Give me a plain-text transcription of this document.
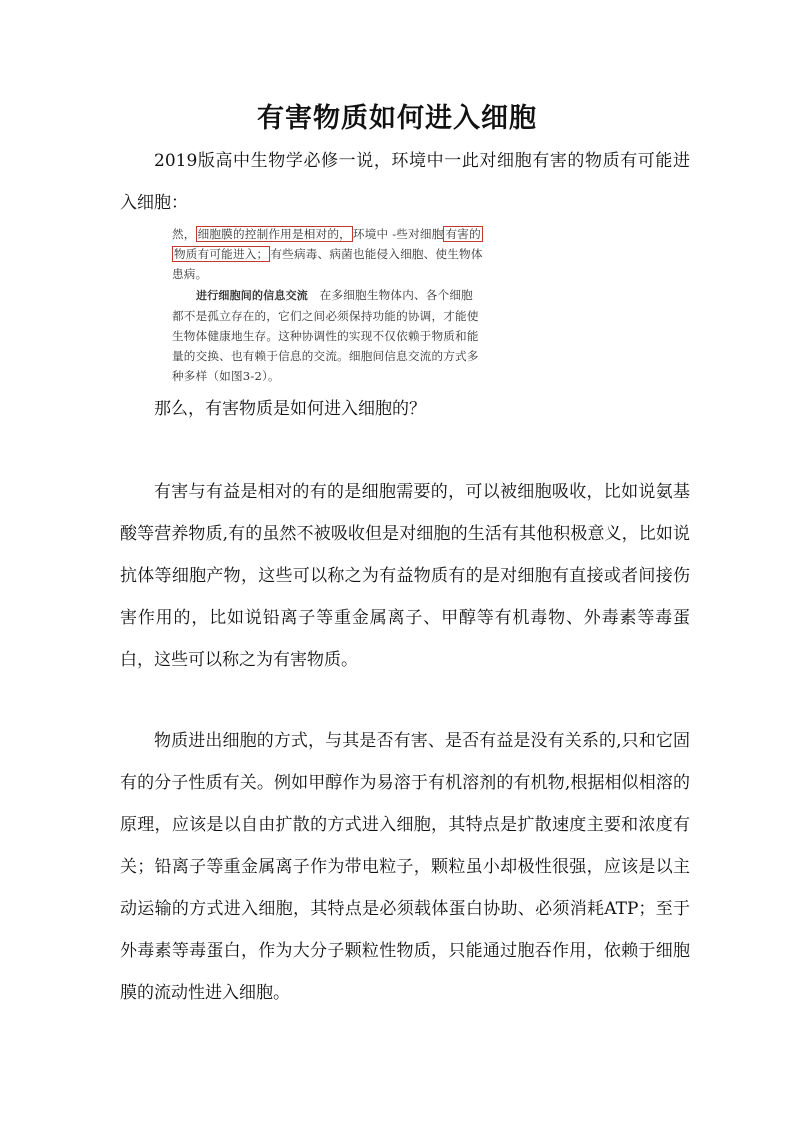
有害物质如何进入细胞

2019版高中生物学必修一说，环境中一此对细胞有害的物质有可能进入细胞：

然， 细胞膜的控制作用是相对的， 环境中 -些对细胞 有害的
物质有可能进入； 有些病毒、病菌也能侵入细胞、使生物体
患病。
进行细胞间的信息交流 在多细胞生物体内、各个细胞
都不是孤立存在的，它们之间必须保持功能的协调，才能使
生物体健康地生存。这种协调性的实现不仅依赖于物质和能
量的交换、也有赖于信息的交流。细胞间信息交流的方式多
种多样（如图3-2）。

那么，有害物质是如何进入细胞的？

有害与有益是相对的有的是细胞需要的，可以被细胞吸收，比如说氨基酸等营养物质,有的虽然不被吸收但是对细胞的生活有其他积极意义，比如说抗体等细胞产物，这些可以称之为有益物质有的是对细胞有直接或者间接伤害作用的，比如说铅离子等重金属离子、甲醇等有机毒物、外毒素等毒蛋白，这些可以称之为有害物质。

物质进出细胞的方式，与其是否有害、是否有益是没有关系的,只和它固有的分子性质有关。例如甲醇作为易溶于有机溶剂的有机物,根据相似相溶的原理，应该是以自由扩散的方式进入细胞，其特点是扩散速度主要和浓度有关；铅离子等重金属离子作为带电粒子，颗粒虽小却极性很强，应该是以主动运输的方式进入细胞，其特点是必须载体蛋白协助、必须消耗ATP；至于外毒素等毒蛋白，作为大分子颗粒性物质，只能通过胞吞作用，依赖于细胞膜的流动性进入细胞。
